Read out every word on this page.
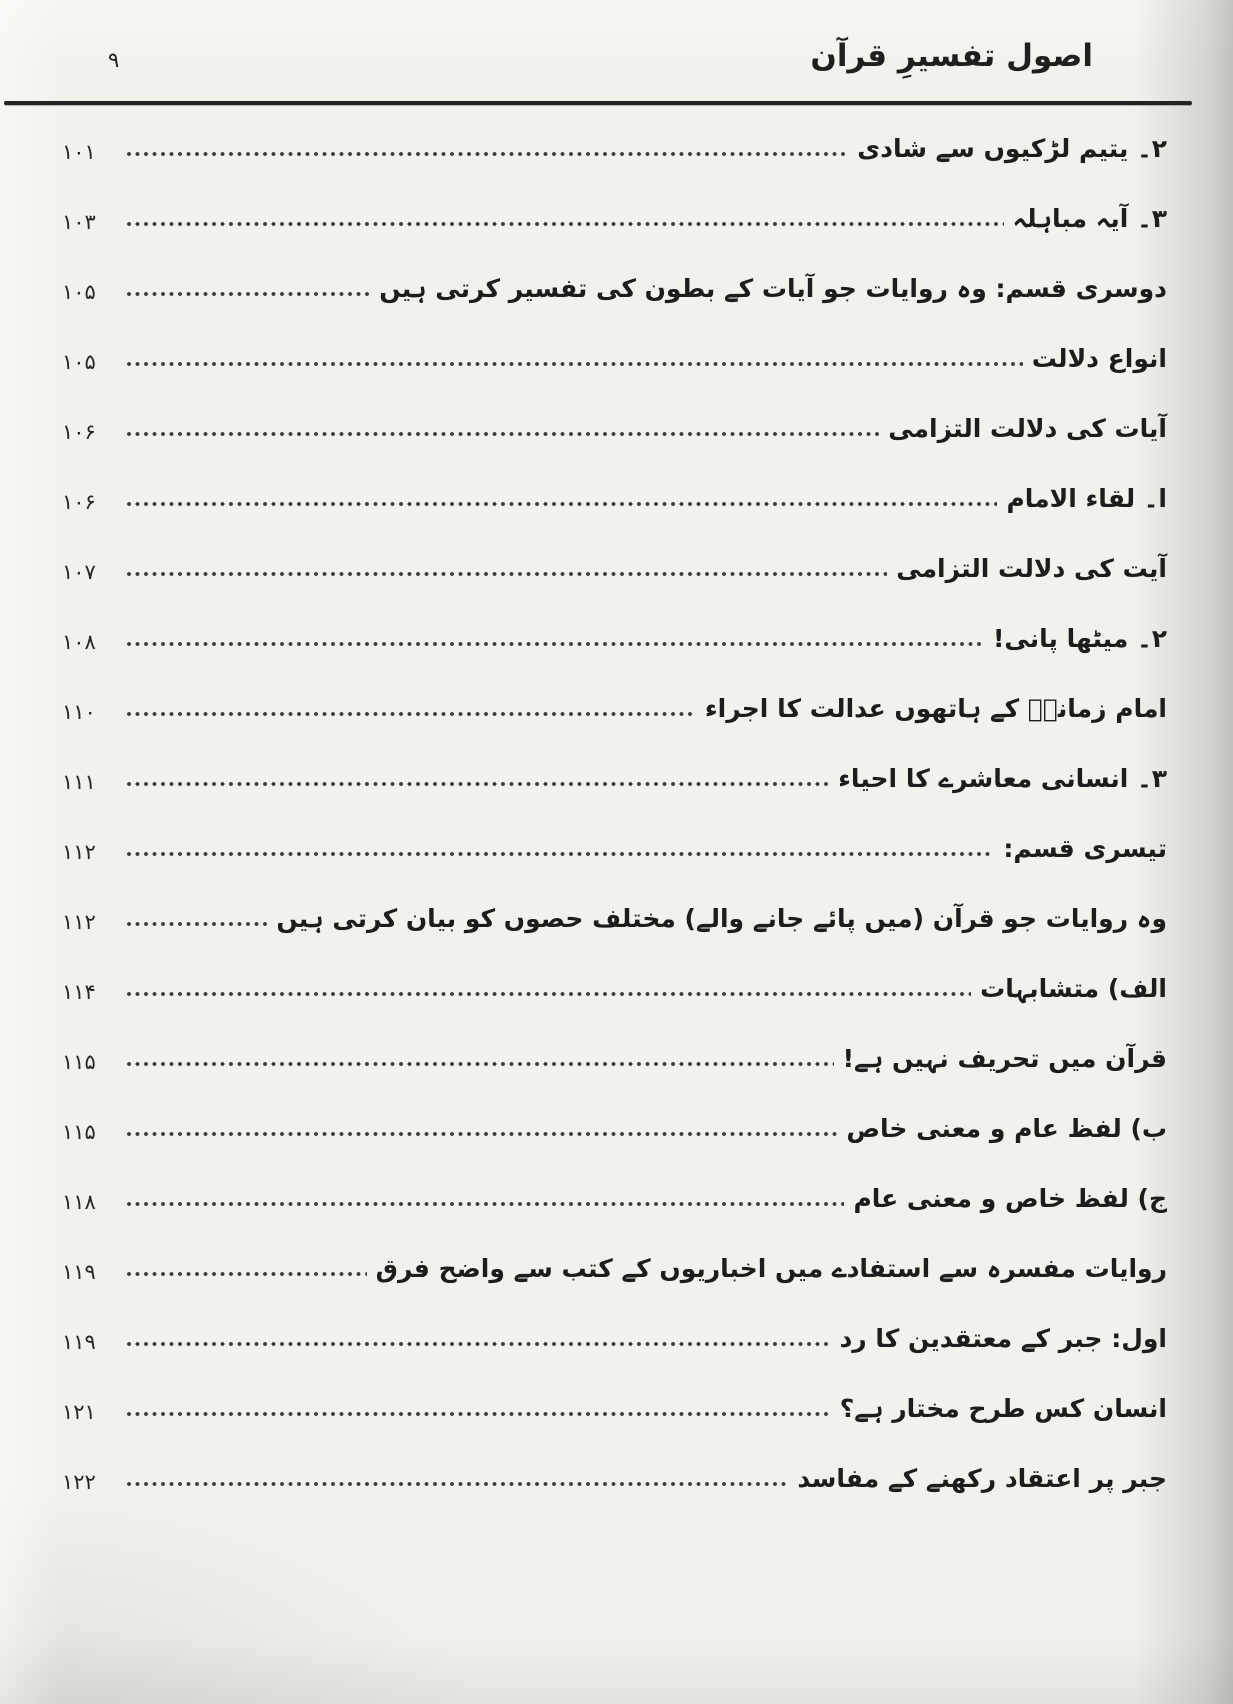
اصول تفسیرِ قرآن
۹
۲۔ یتیم لڑکیوں سے شادی
۱۰۱
۳۔ آیہ مباہلہ
۱۰۳
دوسری قسم: وہ روایات جو آیات کے بطون کی تفسیر کرتی ہیں
۱۰۵
انواع دلالت
۱۰۵
آیات کی دلالت التزامی
۱۰۶
ا۔ لقاء الامام
۱۰۶
آیت کی دلالت التزامی
۱۰۷
۲۔ میٹھا پانی!
۱۰۸
امام زمانہؑ کے ہاتھوں عدالت کا اجراء
۱۱۰
۳۔ انسانی معاشرے کا احیاء
۱۱۱
تیسری قسم:
۱۱۲
وہ روایات جو قرآن (میں پائے جانے والے) مختلف حصوں کو بیان کرتی ہیں
۱۱۲
الف) متشابہات
۱۱۴
قرآن میں تحریف نہیں ہے!
۱۱۵
ب) لفظ عام و معنی خاص
۱۱۵
ج) لفظ خاص و معنی عام
۱۱۸
روایات مفسرہ سے استفادے میں اخباریوں کے کتب سے واضح فرق
۱۱۹
اول: جبر کے معتقدین کا رد
۱۱۹
انسان کس طرح مختار ہے؟
۱۲۱
جبر پر اعتقاد رکھنے کے مفاسد
۱۲۲
